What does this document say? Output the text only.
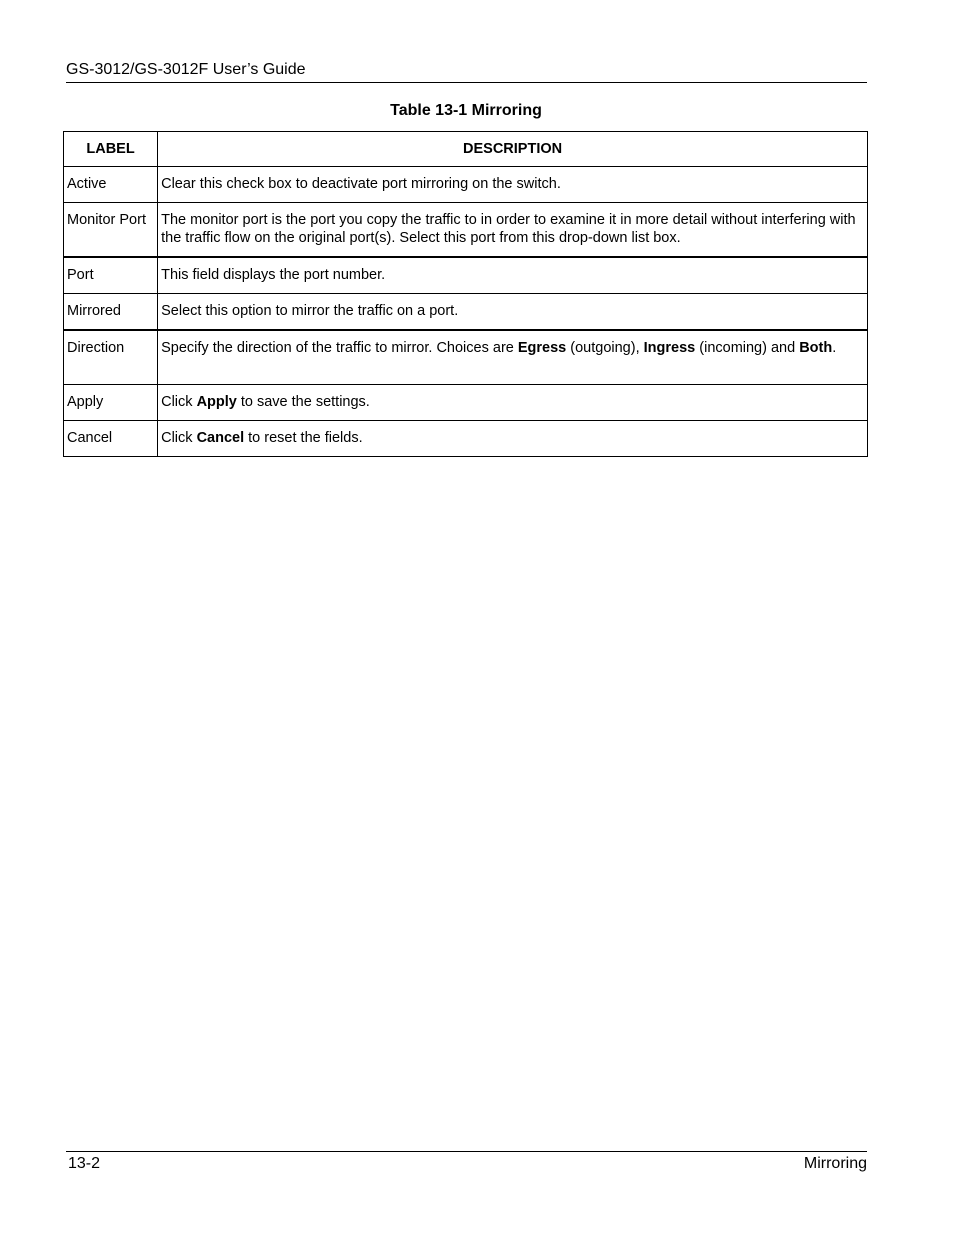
GS-3012/GS-3012F User’s Guide
Table 13-1 Mirroring
LABEL	DESCRIPTION
Active	Clear this check box to deactivate port mirroring on the switch.
Monitor Port	The monitor port is the port you copy the traffic to in order to examine it in more detail without interfering with the traffic flow on the original port(s). Select this port from this drop-down list box.
Port	This field displays the port number.
Mirrored	Select this option to mirror the traffic on a port.
Direction	Specify the direction of the traffic to mirror. Choices are Egress (outgoing), Ingress (incoming) and Both.
Apply	Click Apply to save the settings.
Cancel	Click Cancel to reset the fields.
13-2	Mirroring
